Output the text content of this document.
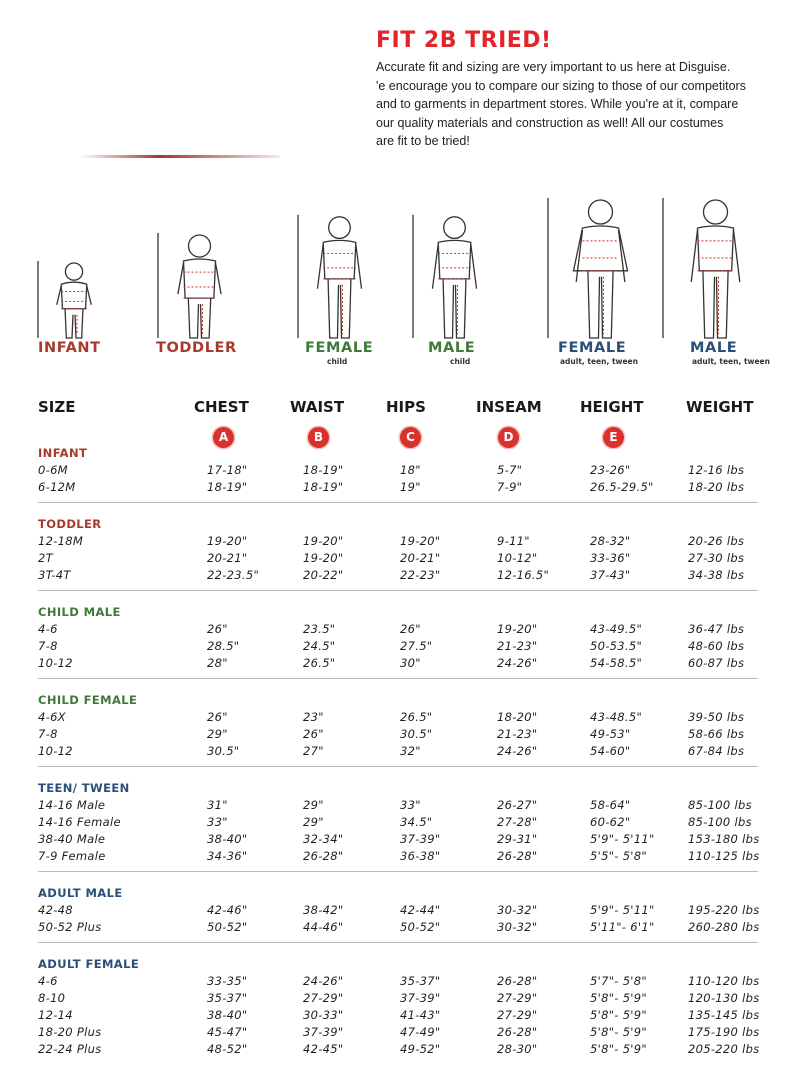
FIT 2B TRIED!
Accurate fit and sizing are very important to us here at Disguise.
'e encourage you to compare our sizing to those of our competitors
and to garments in department stores. While you're at it, compare
our quality materials and construction as well! All our costumes
are fit to be tried!
INFANT	TODDLER	FEMALE
child
MALE
child
FEMALE
adult, teen, tween
MALE
adult, teen, tween
SIZE	CHEST	WAIST	HIPS	INSEAM	HEIGHT	WEIGHT
A	B	C	D	E
INFANT
0-6M	17-18"	18-19"	18"	5-7"	23-26"	12-16 lbs
6-12M	18-19"	18-19"	19"	7-9"	26.5-29.5"	18-20 lbs
TODDLER
12-18M	19-20"	19-20"	19-20"	9-11"	28-32"	20-26 lbs
2T	20-21"	19-20"	20-21"	10-12"	33-36"	27-30 lbs
3T-4T	22-23.5"	20-22"	22-23"	12-16.5"	37-43"	34-38 lbs
CHILD MALE
4-6	26"	23.5"	26"	19-20"	43-49.5"	36-47 lbs
7-8	28.5"	24.5"	27.5"	21-23"	50-53.5"	48-60 lbs
10-12	28"	26.5"	30"	24-26"	54-58.5"	60-87 lbs
CHILD FEMALE
4-6X	26"	23"	26.5"	18-20"	43-48.5"	39-50 lbs
7-8	29"	26"	30.5"	21-23"	49-53"	58-66 lbs
10-12	30.5"	27"	32"	24-26"	54-60"	67-84 lbs
TEEN/ TWEEN
14-16 Male	31"	29"	33"	26-27"	58-64"	85-100 lbs
14-16 Female	33"	29"	34.5"	27-28"	60-62"	85-100 lbs
38-40 Male	38-40"	32-34"	37-39"	29-31"	5'9"- 5'11"	153-180 lbs
7-9 Female	34-36"	26-28"	36-38"	26-28"	5'5"- 5'8"	110-125 lbs
ADULT MALE
42-48	42-46"	38-42"	42-44"	30-32"	5'9"- 5'11"	195-220 lbs
50-52 Plus	50-52"	44-46"	50-52"	30-32"	5'11"- 6'1"	260-280 lbs
ADULT FEMALE
4-6	33-35"	24-26"	35-37"	26-28"	5'7"- 5'8"	110-120 lbs
8-10	35-37"	27-29"	37-39"	27-29"	5'8"- 5'9"	120-130 lbs
12-14	38-40"	30-33"	41-43"	27-29"	5'8"- 5'9"	135-145 lbs
18-20 Plus	45-47"	37-39"	47-49"	26-28"	5'8"- 5'9"	175-190 lbs
22-24 Plus	48-52"	42-45"	49-52"	28-30"	5'8"- 5'9"	205-220 lbs
